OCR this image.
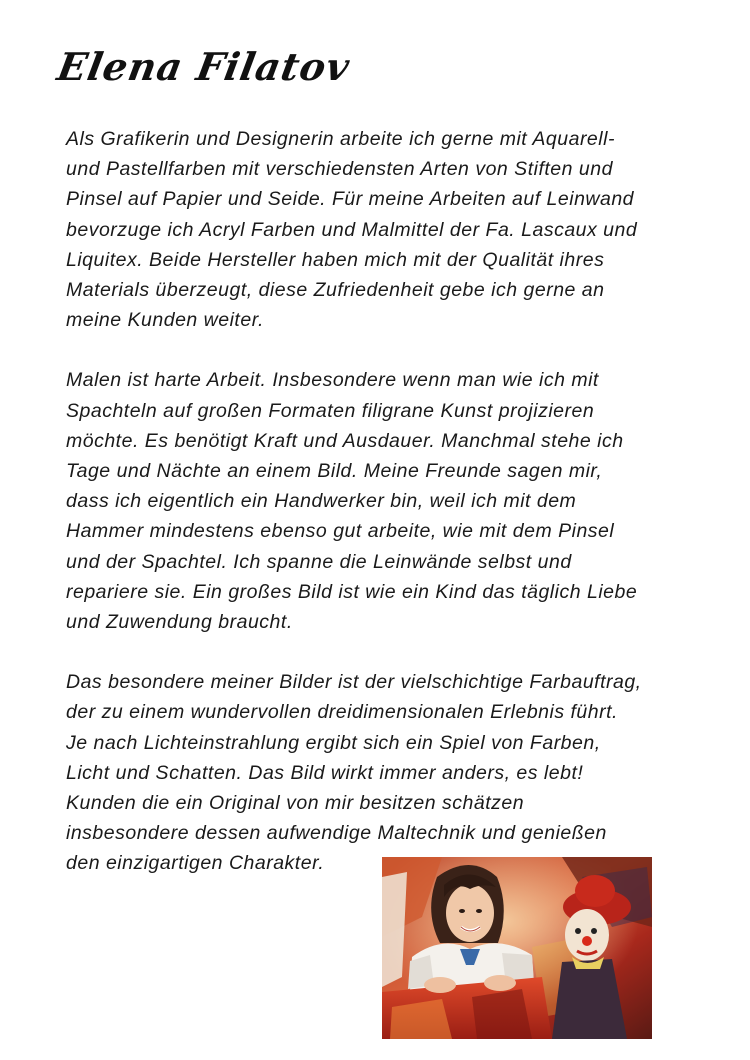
Elena Filatov

Als Grafikerin und Designerin arbeite ich gerne mit Aquarell-
und Pastellfarben mit verschiedensten Arten von Stiften und
Pinsel auf Papier und Seide. Für meine Arbeiten auf Leinwand
bevorzuge ich Acryl Farben und Malmittel der Fa. Lascaux und
Liquitex. Beide Hersteller haben mich mit der Qualität ihres
Materials überzeugt, diese Zufriedenheit gebe ich gerne an
meine Kunden weiter.

Malen ist harte Arbeit. Insbesondere wenn man wie ich mit
Spachteln auf großen Formaten filigrane Kunst projizieren
möchte. Es benötigt Kraft und Ausdauer. Manchmal stehe ich
Tage und Nächte an einem Bild. Meine Freunde sagen mir,
dass ich eigentlich ein Handwerker bin, weil ich mit dem
Hammer mindestens ebenso gut arbeite, wie mit dem Pinsel
und der Spachtel. Ich spanne die Leinwände selbst und
repariere sie. Ein großes Bild ist wie ein Kind das täglich Liebe
und Zuwendung braucht.

Das besondere meiner Bilder ist der vielschichtige Farbauftrag,
der zu einem wundervollen dreidimensionalen Erlebnis führt.
Je nach Lichteinstrahlung ergibt sich ein Spiel von Farben,
Licht und Schatten. Das Bild wirkt immer anders, es lebt!
Kunden die ein Original von mir besitzen schätzen
insbesondere dessen aufwendige Maltechnik und genießen
den einzigartigen Charakter.
